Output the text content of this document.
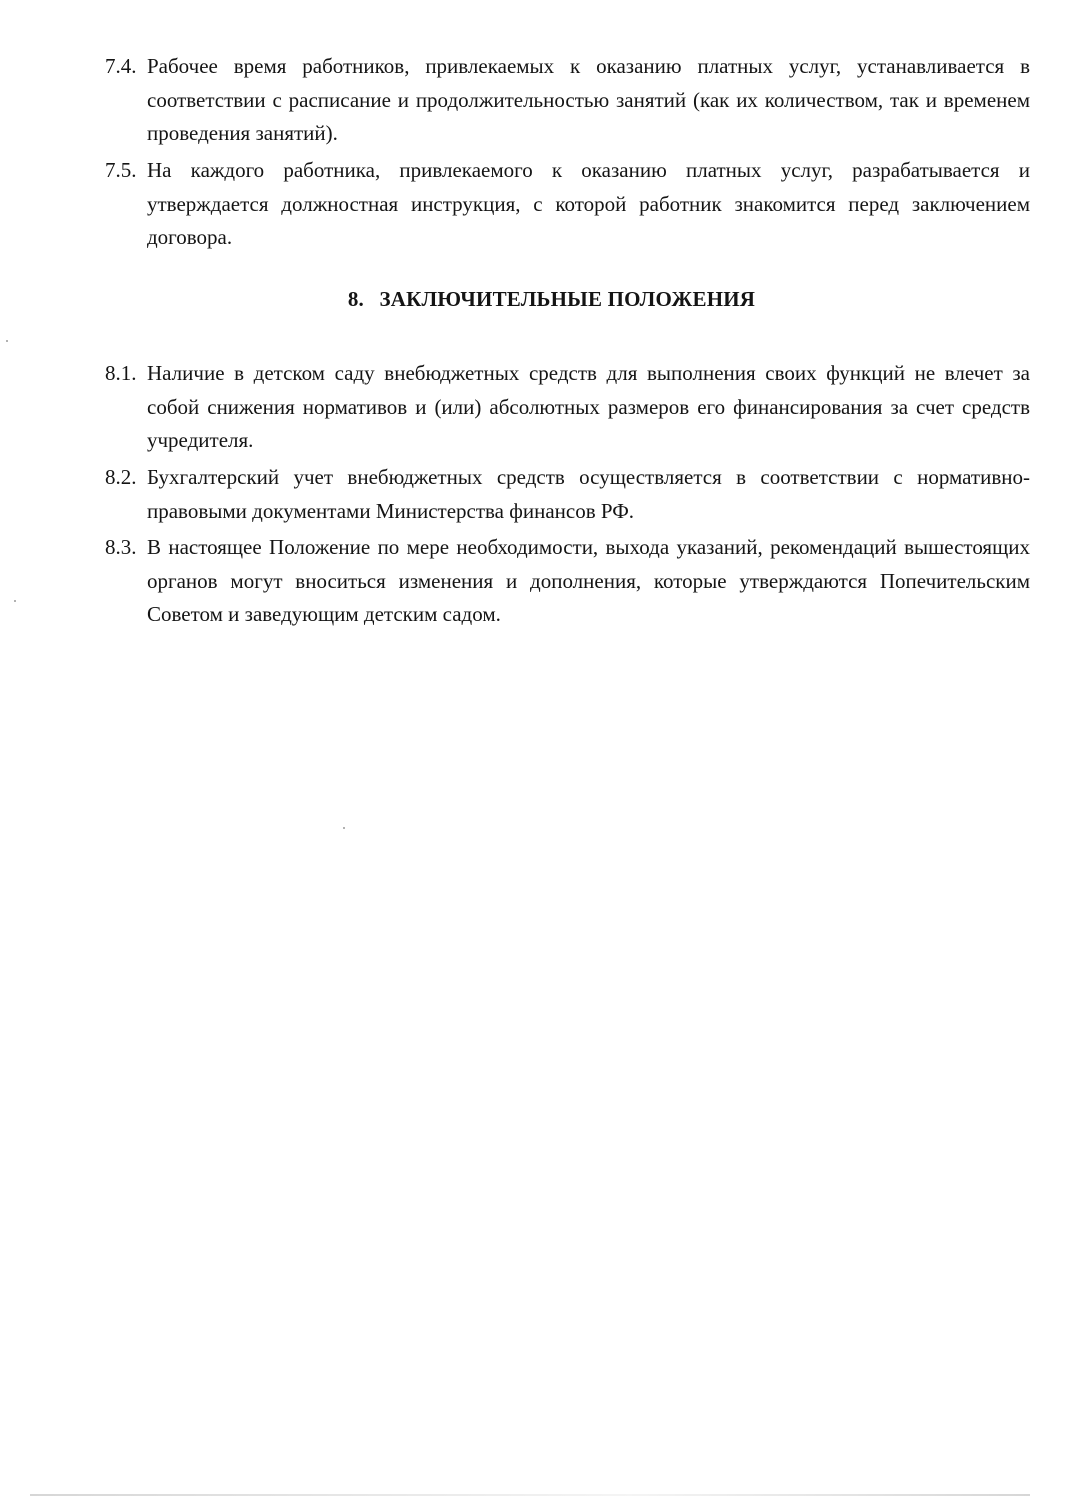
7.4. Рабочее время работников, привлекаемых к оказанию платных услуг, устанавливается в соответствии с расписание и продолжительностью занятий (как их количеством, так и временем проведения занятий).
7.5. На каждого работника, привлекаемого к оказанию платных услуг, разрабатывается и утверждается должностная инструкция, с которой работник знакомится перед заключением договора.
8. ЗАКЛЮЧИТЕЛЬНЫЕ ПОЛОЖЕНИЯ
8.1. Наличие в детском саду внебюджетных средств для выполнения своих функций не влечет за собой снижения нормативов и (или) абсолютных размеров его финансирования за счет средств учредителя.
8.2. Бухгалтерский учет внебюджетных средств осуществляется в соответствии с нормативно-правовыми документами Министерства финансов РФ.
8.3. В настоящее Положение по мере необходимости, выхода указаний, рекомендаций вышестоящих органов могут вноситься изменения и дополнения, которые утверждаются Попечительским Советом и заведующим детским садом.
